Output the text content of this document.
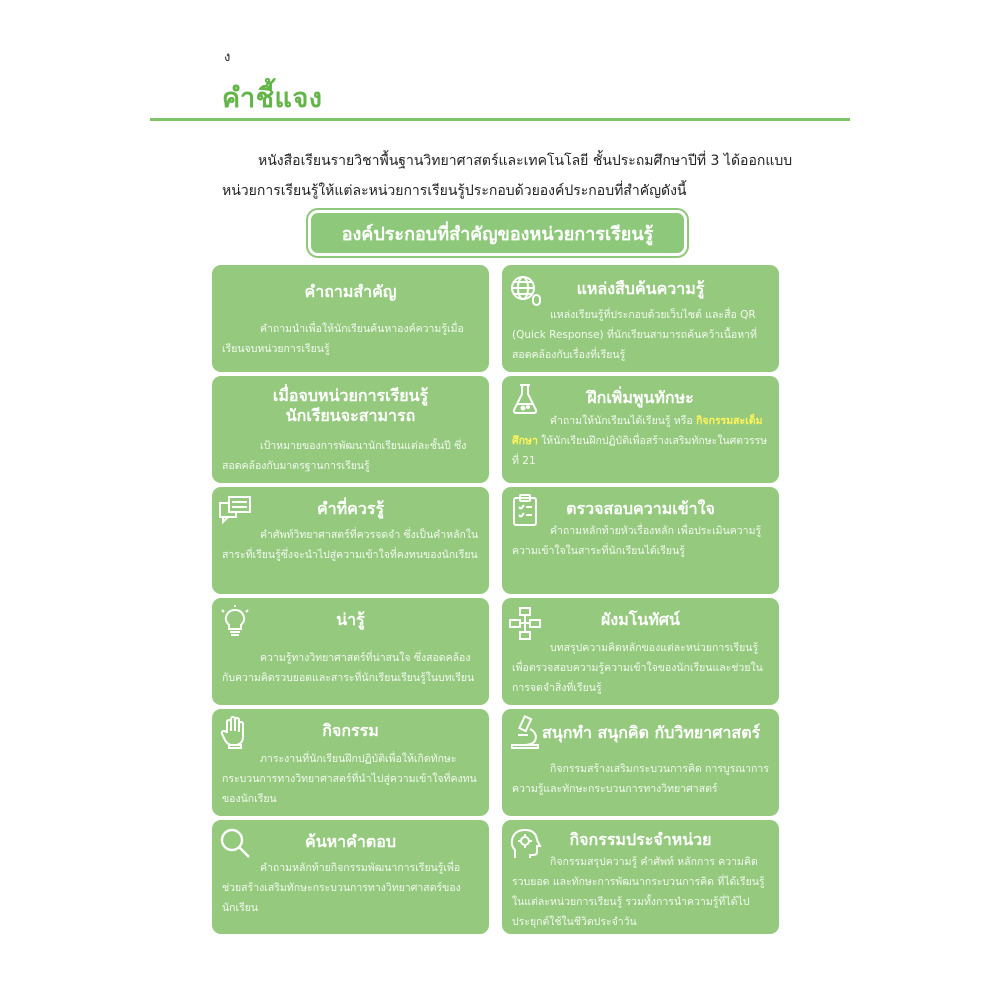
ง
คำชี้แจง

หนังสือเรียนรายวิชาพื้นฐานวิทยาศาสตร์และเทคโนโลยี ชั้นประถมศึกษาปีที่ 3 ได้ออกแบบหน่วยการเรียนรู้ให้แต่ละหน่วยการเรียนรู้ประกอบด้วยองค์ประกอบที่สำคัญดังนี้

องค์ประกอบที่สำคัญของหน่วยการเรียนรู้
คำถามสำคัญ
คำถามนำเพื่อให้นักเรียนค้นหาองค์ความรู้เมื่อเรียนจบหน่วยการเรียนรู้
แหล่งสืบค้นความรู้
แหล่งเรียนรู้ที่ประกอบด้วยเว็บไซต์ และสื่อ QR (Quick Response) ที่นักเรียนสามารถค้นคว้าเนื้อหาที่สอดคล้องกับเรื่องที่เรียนรู้
เมื่อจบหน่วยการเรียนรู้
นักเรียนจะสามารถ
เป้าหมายของการพัฒนานักเรียนแต่ละชั้นปี ซึ่งสอดคล้องกับมาตรฐานการเรียนรู้
ฝึกเพิ่มพูนทักษะ
คำถามให้นักเรียนได้เรียนรู้ หรือ กิจกรรมสะเต็มศึกษา ให้นักเรียนฝึกปฏิบัติเพื่อสร้างเสริมทักษะในศตวรรษที่ 21
คำที่ควรรู้
คำศัพท์วิทยาศาสตร์ที่ควรจดจำ ซึ่งเป็นคำหลักในสาระที่เรียนรู้ซึ่งจะนำไปสู่ความเข้าใจที่คงทนของนักเรียน
ตรวจสอบความเข้าใจ
คำถามหลักท้ายหัวเรื่องหลัก เพื่อประเมินความรู้ความเข้าใจในสาระที่นักเรียนได้เรียนรู้
น่ารู้
ความรู้ทางวิทยาศาสตร์ที่น่าสนใจ ซึ่งสอดคล้องกับความคิดรวบยอดและสาระที่นักเรียนเรียนรู้ในบทเรียน
ผังมโนทัศน์
บทสรุปความคิดหลักของแต่ละหน่วยการเรียนรู้ เพื่อตรวจสอบความรู้ความเข้าใจของนักเรียนและช่วยในการจดจำสิ่งที่เรียนรู้
กิจกรรม
ภาระงานที่นักเรียนฝึกปฏิบัติเพื่อให้เกิดทักษะกระบวนการทางวิทยาศาสตร์ที่นำไปสู่ความเข้าใจที่คงทนของนักเรียน
สนุกทำ สนุกคิด กับวิทยาศาสตร์
กิจกรรมสร้างเสริมกระบวนการคิด การบูรณาการความรู้และทักษะกระบวนการทางวิทยาศาสตร์
ค้นหาคำตอบ
คำถามหลักท้ายกิจกรรมพัฒนาการเรียนรู้เพื่อช่วยสร้างเสริมทักษะกระบวนการทางวิทยาศาสตร์ของนักเรียน
กิจกรรมประจำหน่วย
กิจกรรมสรุปความรู้ คำศัพท์ หลักการ ความคิดรวบยอด และทักษะการพัฒนากระบวนการคิด ที่ได้เรียนรู้ในแต่ละหน่วยการเรียนรู้ รวมทั้งการนำความรู้ที่ได้ไปประยุกต์ใช้ในชีวิตประจำวัน
